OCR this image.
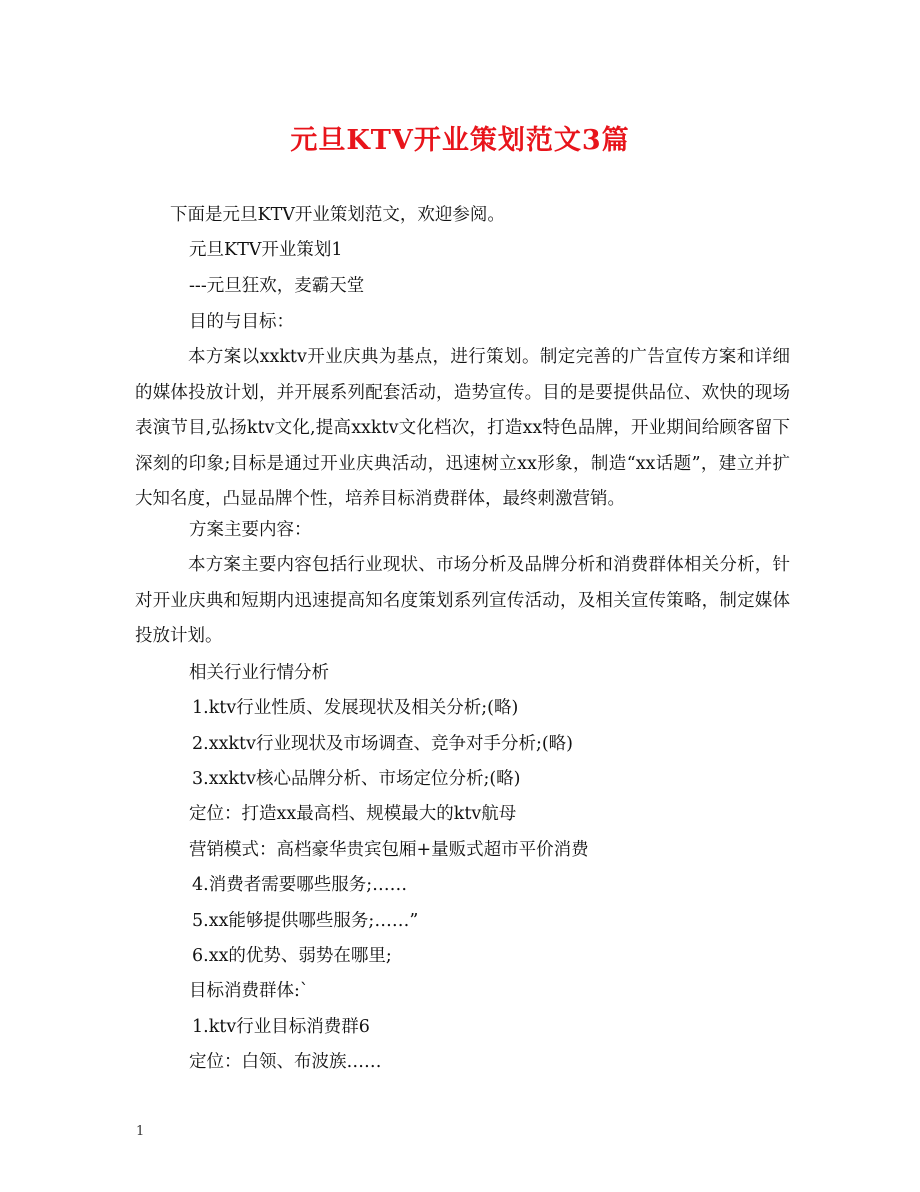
元旦KTV开业策划范文3篇
下面是元旦KTV开业策划范文，欢迎参阅。
元旦KTV开业策划1
---元旦狂欢，麦霸天堂
目的与目标：
本方案以xxktv开业庆典为基点，进行策划。制定完善的广告宣传方案和详细的媒体投放计划，并开展系列配套活动，造势宣传。目的是要提供品位、欢快的现场表演节目,弘扬ktv文化,提高xxktv文化档次，打造xx特色品牌，开业期间给顾客留下深刻的印象;目标是通过开业庆典活动，迅速树立xx形象，制造“xx话题”，建立并扩大知名度，凸显品牌个性，培养目标消费群体，最终刺激营销。
方案主要内容：
本方案主要内容包括行业现状、市场分析及品牌分析和消费群体相关分析，针对开业庆典和短期内迅速提高知名度策划系列宣传活动，及相关宣传策略，制定媒体投放计划。
相关行业行情分析
1.ktv行业性质、发展现状及相关分析;(略)
2.xxktv行业现状及市场调查、竞争对手分析;(略)
3.xxktv核心品牌分析、市场定位分析;(略)
定位：打造xx最高档、规模最大的ktv航母
营销模式：高档豪华贵宾包厢+量贩式超市平价消费
4.消费者需要哪些服务;……
5.xx能够提供哪些服务;……”
6.xx的优势、弱势在哪里;
目标消费群体:`
1.ktv行业目标消费群6
定位：白领、布波族……
1
